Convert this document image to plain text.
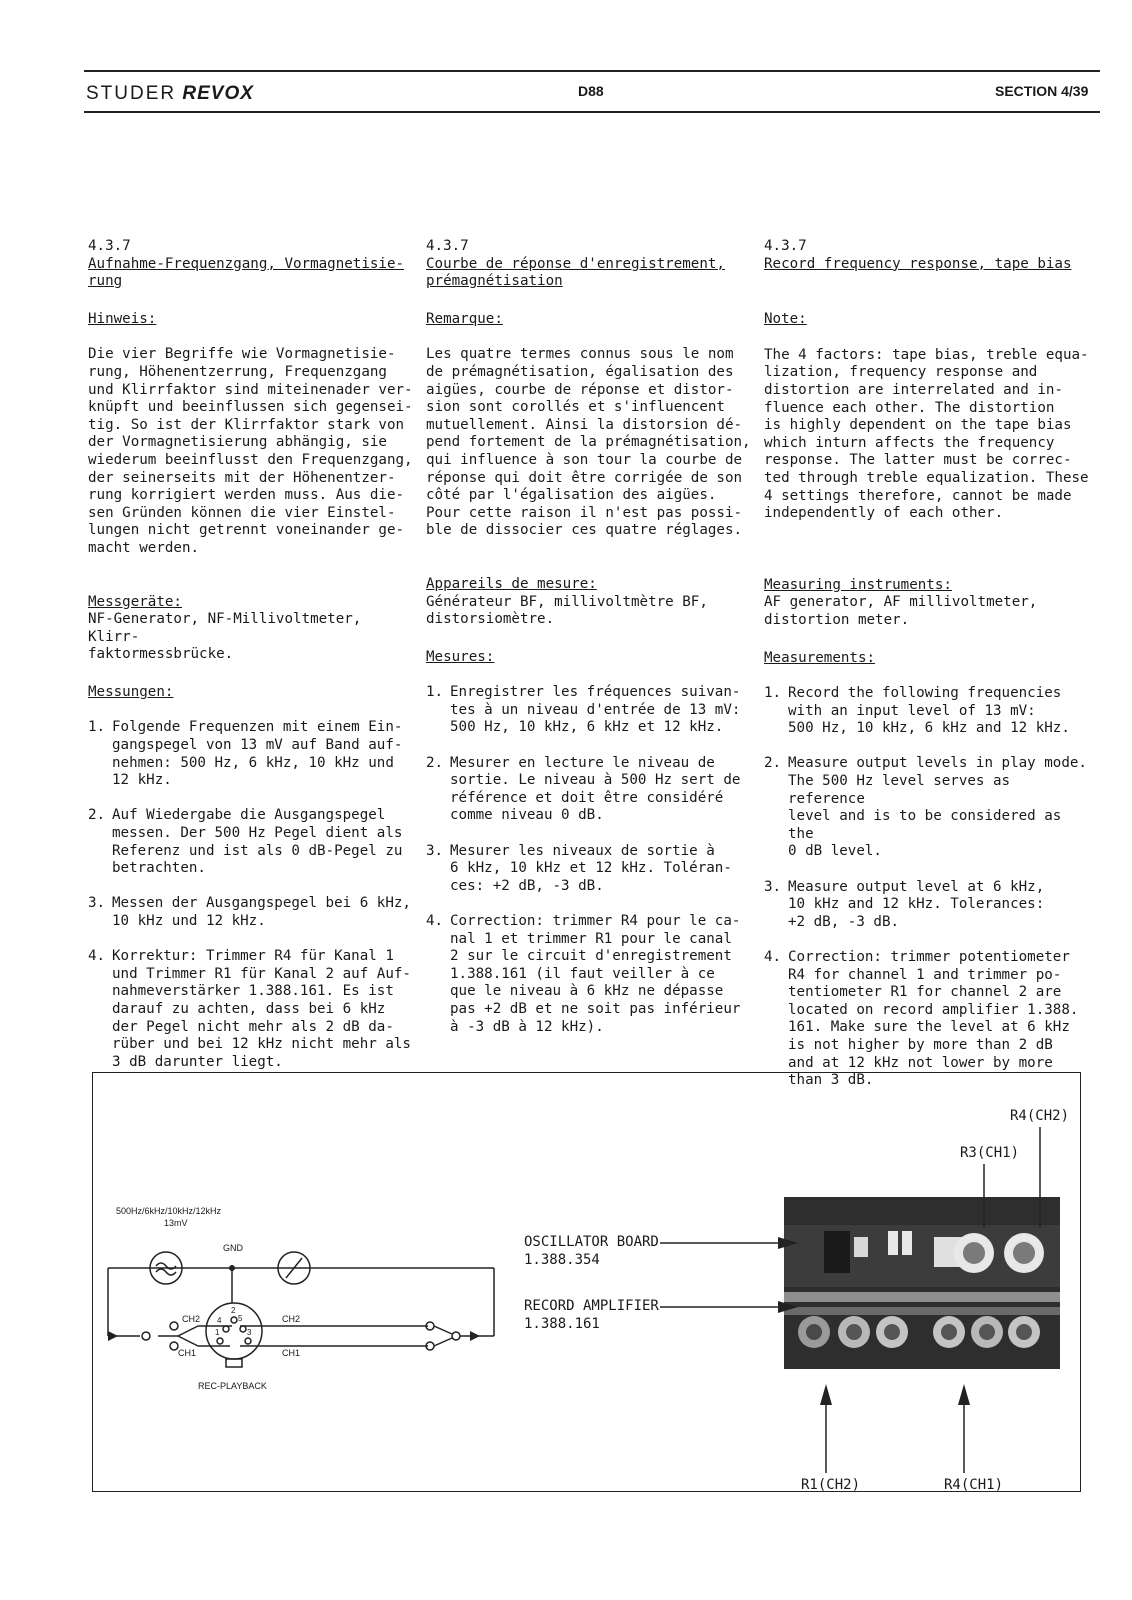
STUDER REVOX	D88	SECTION 4/39
4.3.7
Aufnahme-Frequenzgang, Vormagnetisie-
rung
Hinweis:

Die vier Begriffe wie Vormagnetisie-
rung, Höhenentzerrung, Frequenzgang
und Klirrfaktor sind miteinenader ver-
knüpft und beeinflussen sich gegensei-
tig. So ist der Klirrfaktor stark von
der Vormagnetisierung abhängig, sie
wiederum beeinflusst den Frequenzgang,
der seinerseits mit der Höhenentzer-
rung korrigiert werden muss. Aus die-
sen Gründen können die vier Einstel-
lungen nicht getrennt voneinander ge-
macht werden.

Messgeräte:

NF-Generator, NF-Millivoltmeter, Klirr-
faktormessbrücke.

Messungen:
1. Folgende Frequenzen mit einem Ein-
gangspegel von 13 mV auf Band auf-
nehmen: 500 Hz, 6 kHz, 10 kHz und
12 kHz.
2. Auf Wiedergabe die Ausgangspegel
messen. Der 500 Hz Pegel dient als
Referenz und ist als 0 dB-Pegel zu
betrachten.
3. Messen der Ausgangspegel bei 6 kHz,
10 kHz und 12 kHz.
4. Korrektur: Trimmer R4 für Kanal 1
und Trimmer R1 für Kanal 2 auf Auf-
nahmeverstärker 1.388.161. Es ist
darauf zu achten, dass bei 6 kHz
der Pegel nicht mehr als 2 dB da-
rüber und bei 12 kHz nicht mehr als
3 dB darunter liegt.
4.3.7
Courbe de réponse d'enregistrement,
prémagnétisation
Remarque:

Les quatre termes connus sous le nom
de prémagnétisation, égalisation des
aigües, courbe de réponse et distor-
sion sont corollés et s'influencent
mutuellement. Ainsi la distorsion dé-
pend fortement de la prémagnétisation,
qui influence à son tour la courbe de
réponse qui doit être corrigée de son
côté par l'égalisation des aigües.
Pour cette raison il n'est pas possi-
ble de dissocier ces quatre réglages.

Appareils de mesure:

Générateur BF, millivoltmètre BF,
distorsiomètre.

Mesures:
1. Enregistrer les fréquences suivan-
tes à un niveau d'entrée de 13 mV:
500 Hz, 10 kHz, 6 kHz et 12 kHz.
2. Mesurer en lecture le niveau de
sortie. Le niveau à 500 Hz sert de
référence et doit être considéré
comme niveau 0 dB.
3. Mesurer les niveaux de sortie à
6 kHz, 10 kHz et 12 kHz. Toléran-
ces: +2 dB, -3 dB.
4. Correction: trimmer R4 pour le ca-
nal 1 et trimmer R1 pour le canal
2 sur le circuit d'enregistrement
1.388.161 (il faut veiller à ce
que le niveau à 6 kHz ne dépasse
pas +2 dB et ne soit pas inférieur
à -3 dB à 12 kHz).
4.3.7
Record frequency response, tape bias
Note:

The 4 factors: tape bias, treble equa-
lization, frequency response and
distortion are interrelated and in-
fluence each other. The distortion
is highly dependent on the tape bias
which inturn affects the frequency
response. The latter must be correc-
ted through treble equalization. These
4 settings therefore, cannot be made
independently of each other.

Measuring instruments:

AF generator, AF millivoltmeter,
distortion meter.

Measurements:
1. Record the following frequencies
with an input level of 13 mV:
500 Hz, 10 kHz, 6 kHz and 12 kHz.
2. Measure output levels in play mode.
The 500 Hz level serves as reference
level and is to be considered as the
0 dB level.
3. Measure output level at 6 kHz,
10 kHz and 12 kHz. Tolerances:
+2 dB, -3 dB.
4. Correction: trimmer potentiometer
R4 for channel 1 and trimmer po-
tentiometer R1 for channel 2 are
located on record amplifier 1.388.
161. Make sure the level at 6 kHz
is not higher by more than 2 dB
and at 12 kHz not lower by more
than 3 dB.
500Hz/6kHz/10kHz/12kHz
13mV
GND
CH2
CH1
CH2
CH1
4
2
5
1	3
REC-PLAYBACK
OSCILLATOR BOARD
1.388.354
RECORD AMPLIFIER
1.388.161
R4(CH2)
R3(CH1)
R1(CH2)	R4(CH1)
